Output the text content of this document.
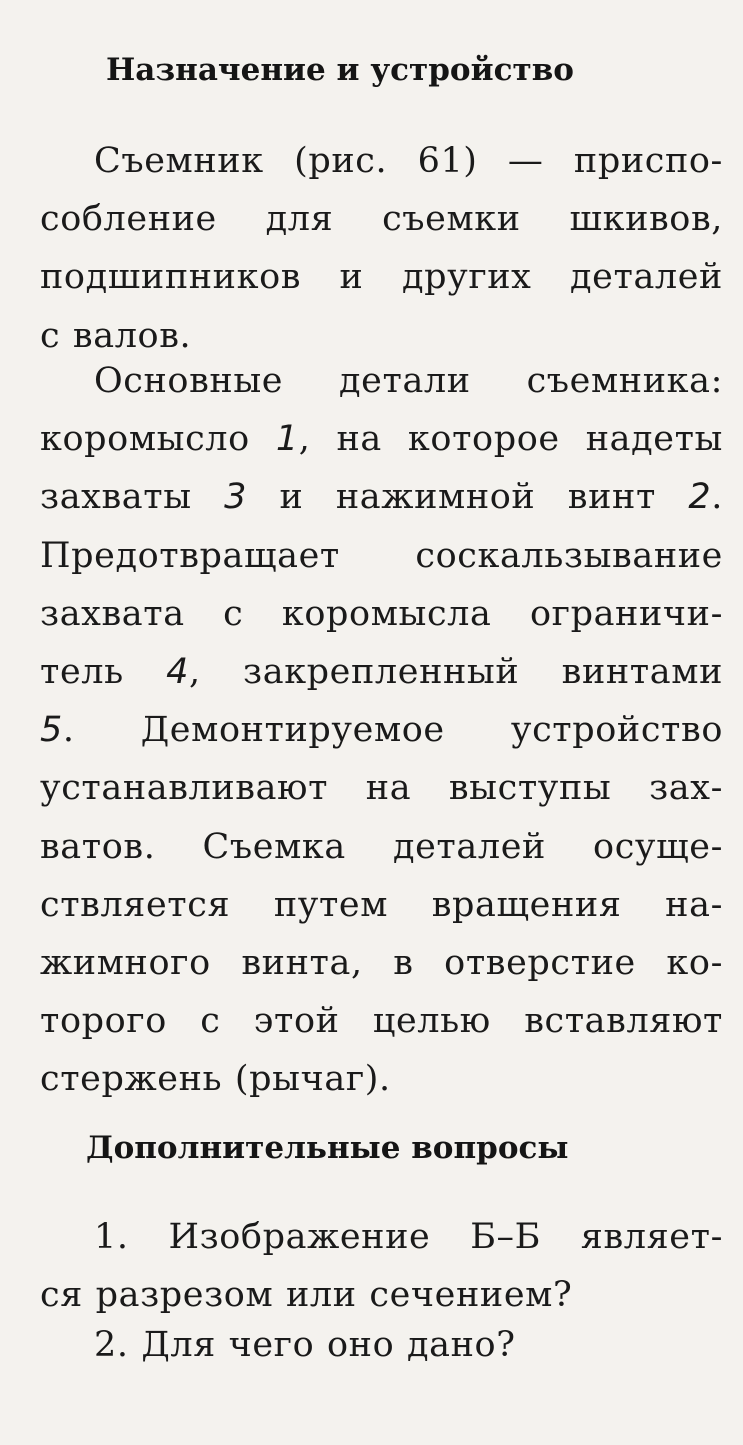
Назначение и устройство

Съемник (рис. 61) — приспо-
собление для съемки шкивов,
подшипников и других деталей
с валов.

Основные детали съемника:
коромысло 1, на которое надеты
захваты 3 и нажимной винт 2.
Предотвращает соскальзывание
захвата с коромысла ограничи-
тель 4, закрепленный винтами
5. Демонтируемое устройство
устанавливают на выступы зах-
ватов. Съемка деталей осуще-
ствляется путем вращения на-
жимного винта, в отверстие ко-
торого с этой целью вставляют
стержень (рычаг).

Дополнительные вопросы

1. Изображение Б–Б являет-
ся разрезом или сечением?

2. Для чего оно дано?
